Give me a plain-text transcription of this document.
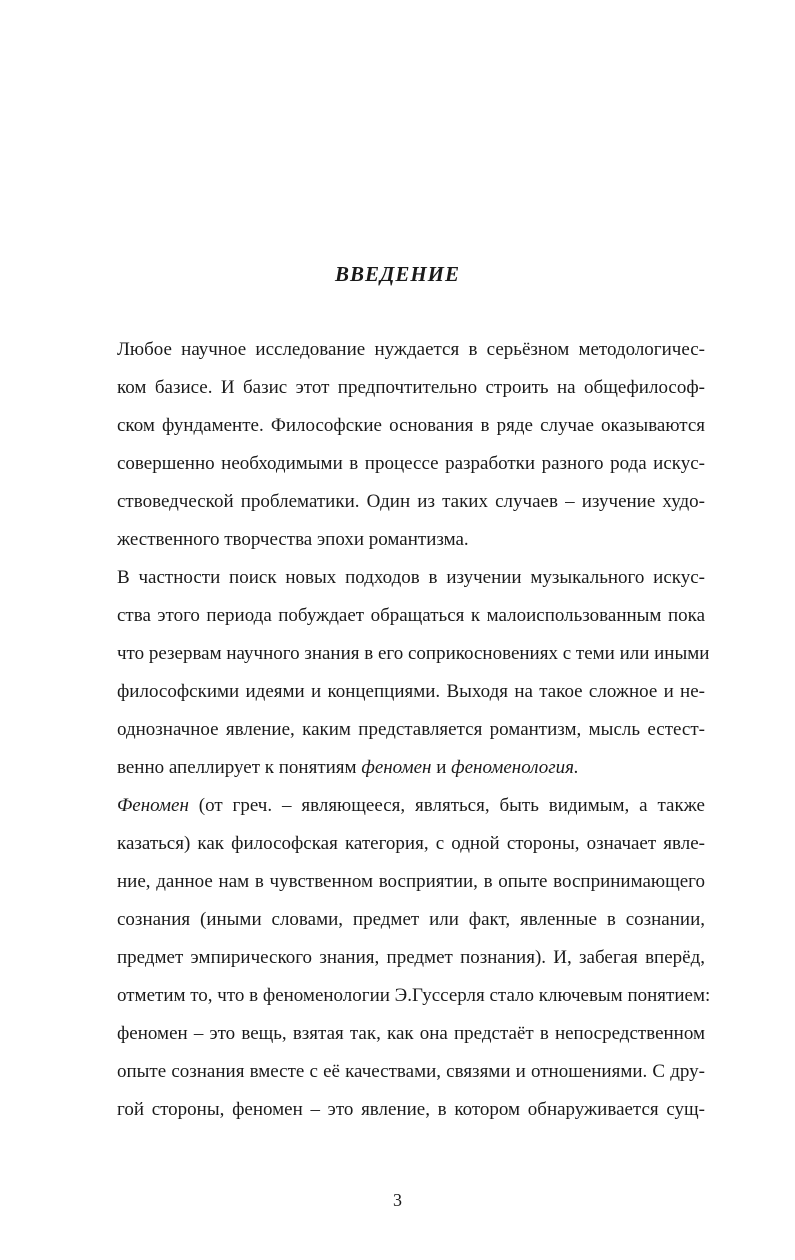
ВВЕДЕНИЕ
Любое научное исследование нуждается в серьёзном методологичес-
ком базисе. И базис этот предпочтительно строить на общефилософ-
ском фундаменте. Философские основания в ряде случае оказываются
совершенно необходимыми в процессе разработки разного рода искус-
ствоведческой проблематики. Один из таких случаев – изучение худо-
жественного творчества эпохи романтизма.
В частности поиск новых подходов в изучении музыкального искус-
ства этого периода побуждает обращаться к малоиспользованным пока
что резервам научного знания в его соприкосновениях с теми или иными
философскими идеями и концепциями. Выходя на такое сложное и не-
однозначное явление, каким представляется романтизм, мысль естест-
венно апеллирует к понятиям феномен и феноменология.
Феномен (от греч. – являющееся, являться, быть видимым, а также
казаться) как философская категория, с одной стороны, означает явле-
ние, данное нам в чувственном восприятии, в опыте воспринимающего
сознания (иными словами, предмет или факт, явленные в сознании,
предмет эмпирического знания, предмет познания). И, забегая вперёд,
отметим то, что в феноменологии Э.Гуссерля стало ключевым понятием:
феномен – это вещь, взятая так, как она предстаёт в непосредственном
опыте сознания вместе с её качествами, связями и отношениями. С дру-
гой стороны, феномен – это явление, в котором обнаруживается сущ-
3
